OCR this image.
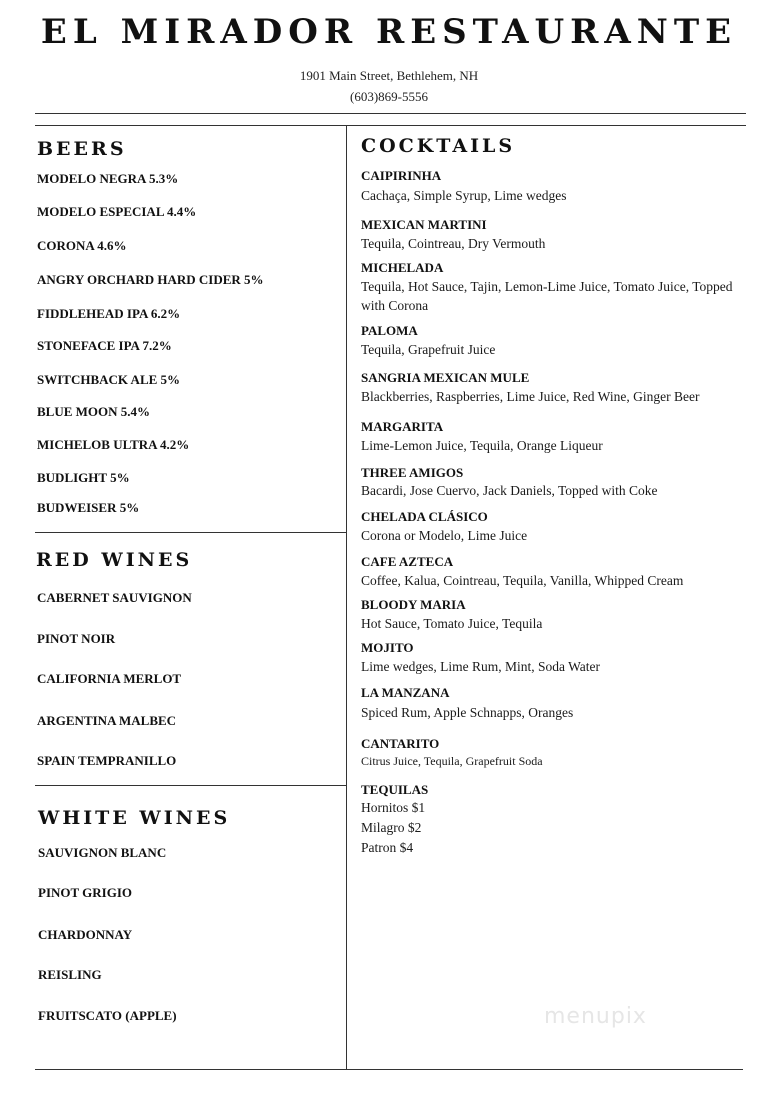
EL MIRADOR RESTAURANTE
1901 Main Street, Bethlehem, NH
(603)869-5556
BEERS
MODELO NEGRA 5.3%
MODELO ESPECIAL 4.4%
CORONA 4.6%
ANGRY ORCHARD HARD CIDER 5%
FIDDLEHEAD IPA 6.2%
STONEFACE IPA 7.2%
SWITCHBACK ALE 5%
BLUE MOON 5.4%
MICHELOB ULTRA 4.2%
BUDLIGHT 5%
BUDWEISER 5%
RED WINES
CABERNET SAUVIGNON
PINOT NOIR
CALIFORNIA MERLOT
ARGENTINA MALBEC
SPAIN TEMPRANILLO
WHITE WINES
SAUVIGNON BLANC
PINOT GRIGIO
CHARDONNAY
REISLING
FRUITSCATO (APPLE)
COCKTAILS
CAIPIRINHA
Cachaça, Simple Syrup, Lime wedges
MEXICAN MARTINI
Tequila, Cointreau, Dry Vermouth
MICHELADA
Tequila, Hot Sauce, Tajin, Lemon-Lime Juice, Tomato Juice, Topped with Corona
PALOMA
Tequila, Grapefruit Juice
SANGRIA MEXICAN MULE
Blackberries, Raspberries, Lime Juice, Red Wine, Ginger Beer
MARGARITA
Lime-Lemon Juice, Tequila, Orange Liqueur
THREE AMIGOS
Bacardi, Jose Cuervo, Jack Daniels, Topped with Coke
CHELADA CLÁSICO
Corona or Modelo, Lime Juice
CAFE AZTECA
Coffee, Kalua, Cointreau, Tequila, Vanilla, Whipped Cream
BLOODY MARIA
Hot Sauce, Tomato Juice, Tequila
MOJITO
Lime wedges, Lime Rum, Mint, Soda Water
LA MANZANA
Spiced Rum, Apple Schnapps, Oranges
CANTARITO
Citrus Juice, Tequila, Grapefruit Soda
TEQUILAS
Hornitos $1
Milagro $2
Patron $4
menupix
